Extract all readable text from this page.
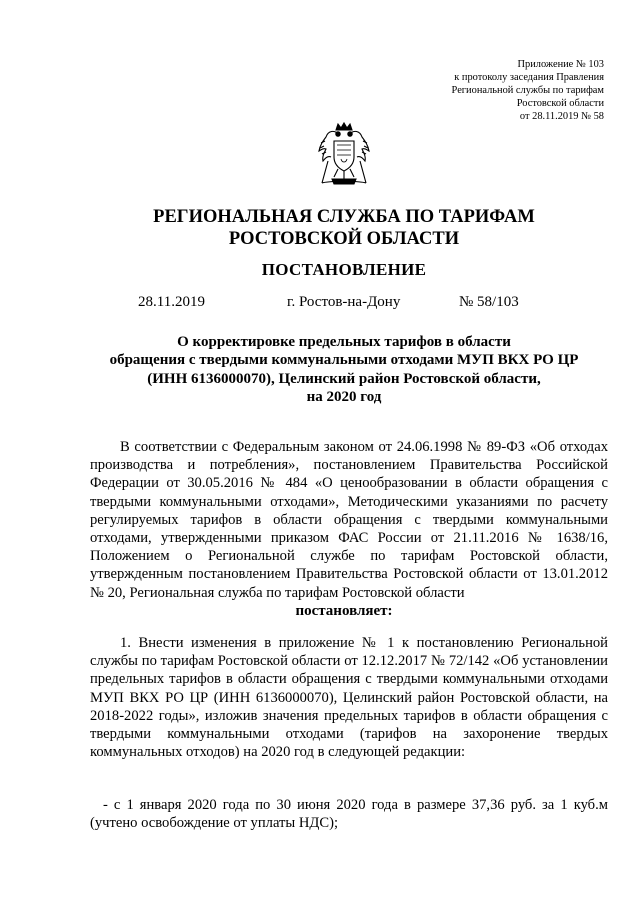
Приложение № 103
к протоколу заседания Правления
Региональной службы по тарифам
Ростовской области
от 28.11.2019 № 58
РЕГИОНАЛЬНАЯ СЛУЖБА ПО ТАРИФАМ
РОСТОВСКОЙ ОБЛАСТИ
ПОСТАНОВЛЕНИЕ
28.11.2019	г. Ростов-на-Дону	№ 58/103
О корректировке предельных тарифов в области
обращения с твердыми коммунальными отходами МУП ВКХ РО ЦР
(ИНН 6136000070), Целинский район Ростовской области,
на 2020 год
В соответствии с Федеральным законом от 24.06.1998 № 89-ФЗ «Об отходах производства и потребления», постановлением Правительства Российской Федерации от 30.05.2016 № 484 «О ценообразовании в области обращения с твердыми коммунальными отходами», Методическими указаниями по расчету регулируемых тарифов в области обращения с твердыми коммунальными отходами, утвержденными приказом ФАС России от 21.11.2016 № 1638/16, Положением о Региональной службе по тарифам Ростовской области, утвержденным постановлением Правительства Ростовской области от 13.01.2012 № 20, Региональная служба по тарифам Ростовской области
постановляет:
1. Внести изменения в приложение № 1 к постановлению Региональной службы по тарифам Ростовской области от 12.12.2017 № 72/142 «Об установлении предельных тарифов в области обращения с твердыми коммунальными отходами МУП ВКХ РО ЦР (ИНН 6136000070), Целинский район Ростовской области, на 2018-2022 годы», изложив значения предельных тарифов в области обращения с твердыми коммунальными отходами (тарифов на захоронение твердых коммунальных отходов) на 2020 год в следующей редакции:
- с 1 января 2020 года по 30 июня 2020 года в размере 37,36 руб. за 1 куб.м (учтено освобождение от уплаты НДС);
